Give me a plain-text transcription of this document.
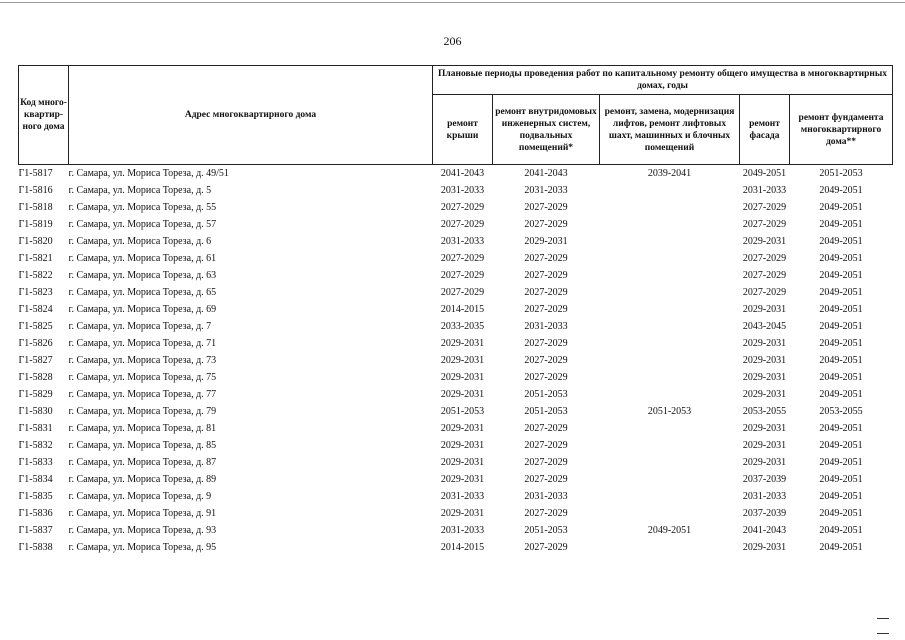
206
Код много-квартир-ного дома	Адрес многоквартирного дома	Плановые периоды проведения работ по капитальному ремонту общего имущества в многоквартирных домах, годы				
		ремонт крыши	ремонт внутридомовых инженерных систем, подвальных помещений*	ремонт, замена, модернизация лифтов, ремонт лифтовых шахт, машинных и блочных помещений	ремонт фасада	ремонт фундамента многоквартирного дома**
Г1-5817	г. Самара, ул. Мориса Тореза, д. 49/51	2041-2043	2041-2043	2039-2041	2049-2051	2051-2053
Г1-5816	г. Самара, ул. Мориса Тореза, д. 5	2031-2033	2031-2033		2031-2033	2049-2051
Г1-5818	г. Самара, ул. Мориса Тореза, д. 55	2027-2029	2027-2029		2027-2029	2049-2051
Г1-5819	г. Самара, ул. Мориса Тореза, д. 57	2027-2029	2027-2029		2027-2029	2049-2051
Г1-5820	г. Самара, ул. Мориса Тореза, д. 6	2031-2033	2029-2031		2029-2031	2049-2051
Г1-5821	г. Самара, ул. Мориса Тореза, д. 61	2027-2029	2027-2029		2027-2029	2049-2051
Г1-5822	г. Самара, ул. Мориса Тореза, д. 63	2027-2029	2027-2029		2027-2029	2049-2051
Г1-5823	г. Самара, ул. Мориса Тореза, д. 65	2027-2029	2027-2029		2027-2029	2049-2051
Г1-5824	г. Самара, ул. Мориса Тореза, д. 69	2014-2015	2027-2029		2029-2031	2049-2051
Г1-5825	г. Самара, ул. Мориса Тореза, д. 7	2033-2035	2031-2033		2043-2045	2049-2051
Г1-5826	г. Самара, ул. Мориса Тореза, д. 71	2029-2031	2027-2029		2029-2031	2049-2051
Г1-5827	г. Самара, ул. Мориса Тореза, д. 73	2029-2031	2027-2029		2029-2031	2049-2051
Г1-5828	г. Самара, ул. Мориса Тореза, д. 75	2029-2031	2027-2029		2029-2031	2049-2051
Г1-5829	г. Самара, ул. Мориса Тореза, д. 77	2029-2031	2051-2053		2029-2031	2049-2051
Г1-5830	г. Самара, ул. Мориса Тореза, д. 79	2051-2053	2051-2053	2051-2053	2053-2055	2053-2055
Г1-5831	г. Самара, ул. Мориса Тореза, д. 81	2029-2031	2027-2029		2029-2031	2049-2051
Г1-5832	г. Самара, ул. Мориса Тореза, д. 85	2029-2031	2027-2029		2029-2031	2049-2051
Г1-5833	г. Самара, ул. Мориса Тореза, д. 87	2029-2031	2027-2029		2029-2031	2049-2051
Г1-5834	г. Самара, ул. Мориса Тореза, д. 89	2029-2031	2027-2029		2037-2039	2049-2051
Г1-5835	г. Самара, ул. Мориса Тореза, д. 9	2031-2033	2031-2033		2031-2033	2049-2051
Г1-5836	г. Самара, ул. Мориса Тореза, д. 91	2029-2031	2027-2029		2037-2039	2049-2051
Г1-5837	г. Самара, ул. Мориса Тореза, д. 93	2031-2033	2051-2053	2049-2051	2041-2043	2049-2051
Г1-5838	г. Самара, ул. Мориса Тореза, д. 95	2014-2015	2027-2029		2029-2031	2049-2051
